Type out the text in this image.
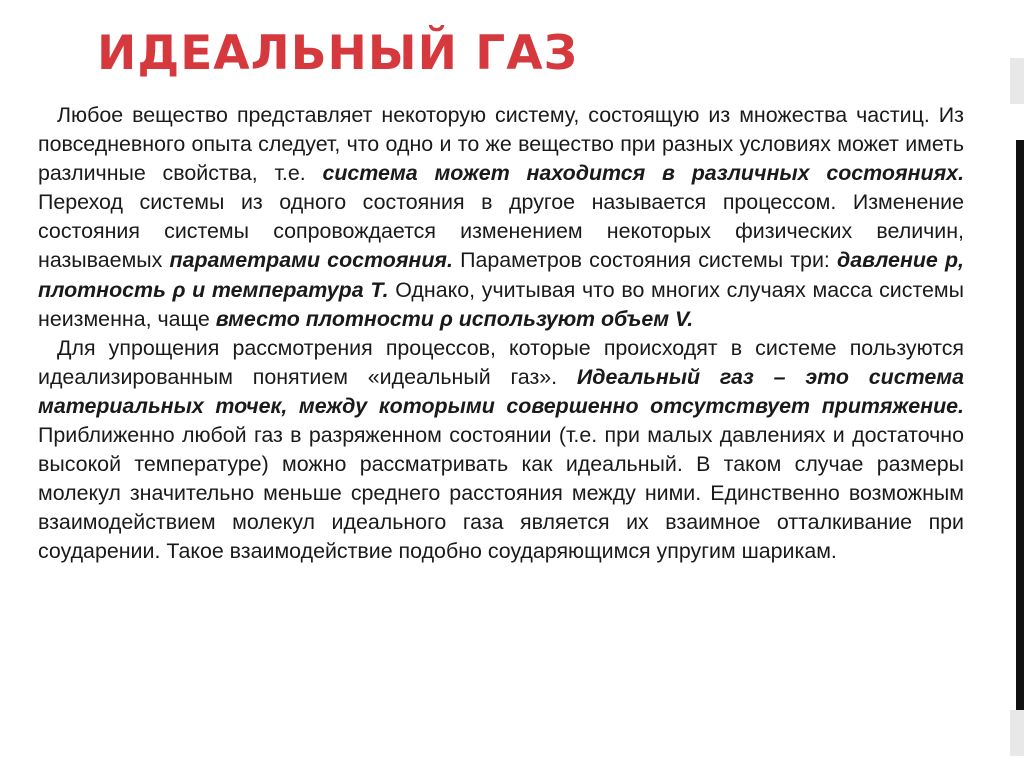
ИДЕАЛЬНЫЙ ГАЗ

Любое вещество представляет некоторую систему, состоящую из множества частиц. Из повседневного опыта следует, что одно и то же вещество при разных условиях может иметь различные свойства, т.е. система может находится в различных состояниях. Переход системы из одного состояния в другое называется процессом. Изменение состояния системы сопровождается изменением некоторых физических величин, называемых параметрами состояния. Параметров состояния системы три: давление р, плотность ρ и температура Т. Однако, учитывая что во многих случаях масса системы неизменна, чаще вместо плотности ρ используют объем V.

Для упрощения рассмотрения процессов, которые происходят в системе пользуются идеализированным понятием «идеальный газ». Идеальный газ – это система материальных точек, между которыми совершенно отсутствует притяжение. Приближенно любой газ в разряженном состоянии (т.е. при малых давлениях и достаточно высокой температуре) можно рассматривать как идеальный. В таком случае размеры молекул значительно меньше среднего расстояния между ними. Единственно возможным взаимодействием молекул идеального газа является их взаимное отталкивание при соударении. Такое взаимодействие подобно соударяющимся упругим шарикам.
